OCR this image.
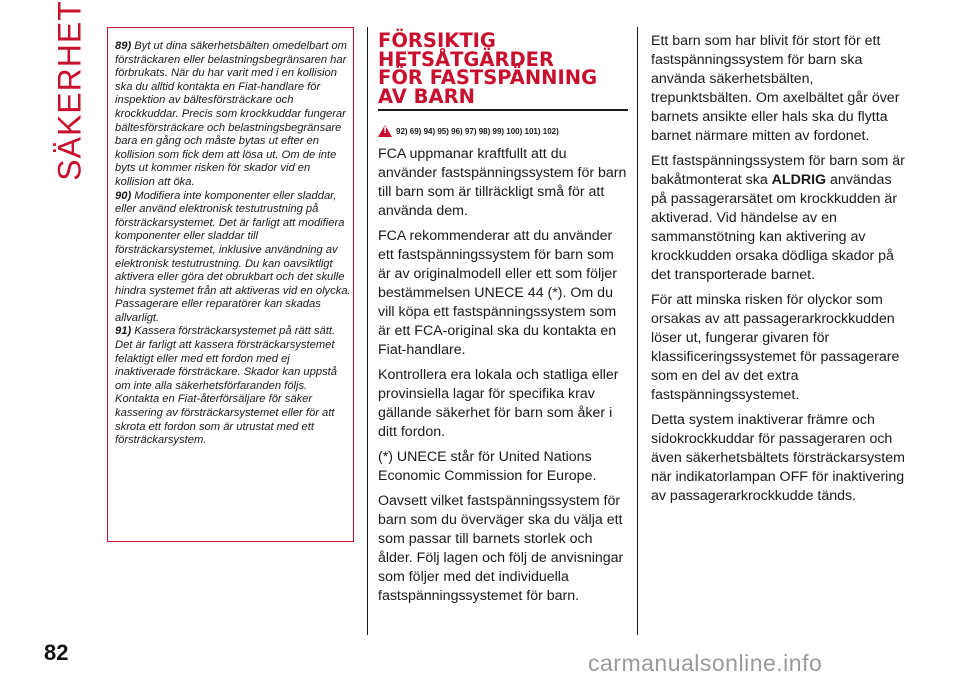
SÄKERHET 89) Byt ut dina säkerhetsbälten omedelbart om försträckaren eller belastningsbegränsaren har förbrukats. När du har varit med i en kollision ska du alltid kontakta en Fiat-handlare för inspektion av bältesförsträckare och krockkuddar. Precis som krockkuddar fungerar bältesförsträckare och belastningsbegränsare bara en gång och måste bytas ut efter en kollision som fick dem att lösa ut. Om de inte byts ut kommer risken för skador vid en kollision att öka.

90) Modifiera inte komponenter eller sladdar, eller använd elektronisk testutrustning på försträckarsystemet. Det är farligt att modifiera komponenter eller sladdar till försträckarsystemet, inklusive användning av elektronisk testutrustning. Du kan oavsiktligt aktivera eller göra det obrukbart och det skulle hindra systemet från att aktiveras vid en olycka. Passagerare eller reparatörer kan skadas allvarligt.

91) Kassera försträckarsystemet på rätt sätt. Det är farligt att kassera försträckarsystemet felaktigt eller med ett fordon med ej inaktiverade försträckare. Skador kan uppstå om inte alla säkerhetsförfaranden följs. Kontakta en Fiat-återförsäljare för säker kassering av försträckarsystemet eller för att skrota ett fordon som är utrustat med ett försträckarsystem.

FÖRSIKTIG
HETSÅTGÄRDER
FÖR FASTSPÄNNING
AV BARN
!
92) 69) 94) 95) 96) 97) 98) 99) 100) 101) 102)

FCA uppmanar kraftfullt att du använder fastspänningssystem för barn till barn som är tillräckligt små för att använda dem.

FCA rekommenderar att du använder ett fastspänningssystem för barn som är av originalmodell eller ett som följer bestämmelsen UNECE 44 (*). Om du vill köpa ett fastspänningssystem som är ett FCA-original ska du kontakta en Fiat-handlare.

Kontrollera era lokala och statliga eller provinsiella lagar för specifika krav gällande säkerhet för barn som åker i ditt fordon.

(*) UNECE står för United Nations Economic Commission for Europe.

Oavsett vilket fastspänningssystem för barn som du överväger ska du välja ett som passar till barnets storlek och ålder. Följ lagen och följ de anvisningar som följer med det individuella fastspänningssystemet för barn.

Ett barn som har blivit för stort för ett fastspänningssystem för barn ska använda säkerhetsbälten, trepunktsbälten. Om axelbältet går över barnets ansikte eller hals ska du flytta barnet närmare mitten av fordonet.

Ett fastspänningssystem för barn som är bakåtmonterat ska ALDRIG användas på passagerarsätet om krockkudden är aktiverad. Vid händelse av en sammanstötning kan aktivering av krockkudden orsaka dödliga skador på det transporterade barnet.

För att minska risken för olyckor som orsakas av att passagerarkrockkudden löser ut, fungerar givaren för klassificeringssystemet för passagerare som en del av det extra fastspänningssystemet.

Detta system inaktiverar främre och sidokrockkuddar för passageraren och även säkerhetsbältets försträckarsystem när indikatorlampan OFF för inaktivering av passagerarkrockkudde tänds.

82	carmanualsonline.info
